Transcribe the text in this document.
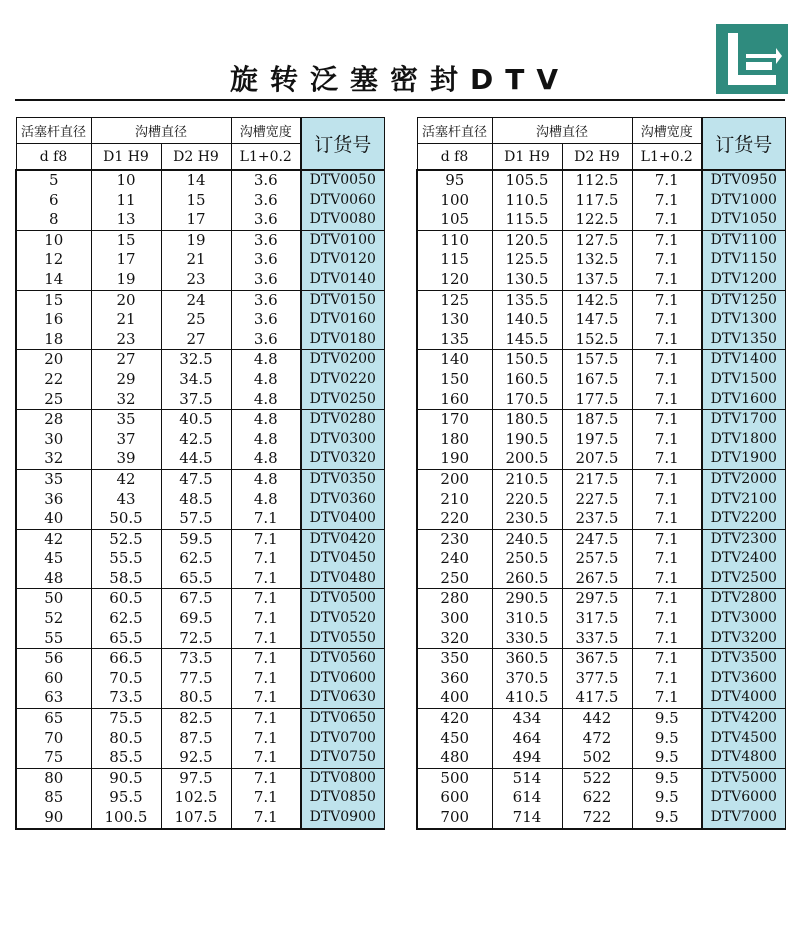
旋转泛塞密封DTV
活塞杆直径	沟槽直径		沟槽宽度	订货号
d f8	D1 H9	D2 H9	L1+0.2	
5	10	14	3.6	DTV0050
6	11	15	3.6	DTV0060
8	13	17	3.6	DTV0080
10	15	19	3.6	DTV0100
12	17	21	3.6	DTV0120
14	19	23	3.6	DTV0140
15	20	24	3.6	DTV0150
16	21	25	3.6	DTV0160
18	23	27	3.6	DTV0180
20	27	32.5	4.8	DTV0200
22	29	34.5	4.8	DTV0220
25	32	37.5	4.8	DTV0250
28	35	40.5	4.8	DTV0280
30	37	42.5	4.8	DTV0300
32	39	44.5	4.8	DTV0320
35	42	47.5	4.8	DTV0350
36	43	48.5	4.8	DTV0360
40	50.5	57.5	7.1	DTV0400
42	52.5	59.5	7.1	DTV0420
45	55.5	62.5	7.1	DTV0450
48	58.5	65.5	7.1	DTV0480
50	60.5	67.5	7.1	DTV0500
52	62.5	69.5	7.1	DTV0520
55	65.5	72.5	7.1	DTV0550
56	66.5	73.5	7.1	DTV0560
60	70.5	77.5	7.1	DTV0600
63	73.5	80.5	7.1	DTV0630
65	75.5	82.5	7.1	DTV0650
70	80.5	87.5	7.1	DTV0700
75	85.5	92.5	7.1	DTV0750
80	90.5	97.5	7.1	DTV0800
85	95.5	102.5	7.1	DTV0850
90	100.5	107.5	7.1	DTV0900
活塞杆直径	沟槽直径		沟槽宽度	订货号
d f8	D1 H9	D2 H9	L1+0.2	
95	105.5	112.5	7.1	DTV0950
100	110.5	117.5	7.1	DTV1000
105	115.5	122.5	7.1	DTV1050
110	120.5	127.5	7.1	DTV1100
115	125.5	132.5	7.1	DTV1150
120	130.5	137.5	7.1	DTV1200
125	135.5	142.5	7.1	DTV1250
130	140.5	147.5	7.1	DTV1300
135	145.5	152.5	7.1	DTV1350
140	150.5	157.5	7.1	DTV1400
150	160.5	167.5	7.1	DTV1500
160	170.5	177.5	7.1	DTV1600
170	180.5	187.5	7.1	DTV1700
180	190.5	197.5	7.1	DTV1800
190	200.5	207.5	7.1	DTV1900
200	210.5	217.5	7.1	DTV2000
210	220.5	227.5	7.1	DTV2100
220	230.5	237.5	7.1	DTV2200
230	240.5	247.5	7.1	DTV2300
240	250.5	257.5	7.1	DTV2400
250	260.5	267.5	7.1	DTV2500
280	290.5	297.5	7.1	DTV2800
300	310.5	317.5	7.1	DTV3000
320	330.5	337.5	7.1	DTV3200
350	360.5	367.5	7.1	DTV3500
360	370.5	377.5	7.1	DTV3600
400	410.5	417.5	7.1	DTV4000
420	434	442	9.5	DTV4200
450	464	472	9.5	DTV4500
480	494	502	9.5	DTV4800
500	514	522	9.5	DTV5000
600	614	622	9.5	DTV6000
700	714	722	9.5	DTV7000
